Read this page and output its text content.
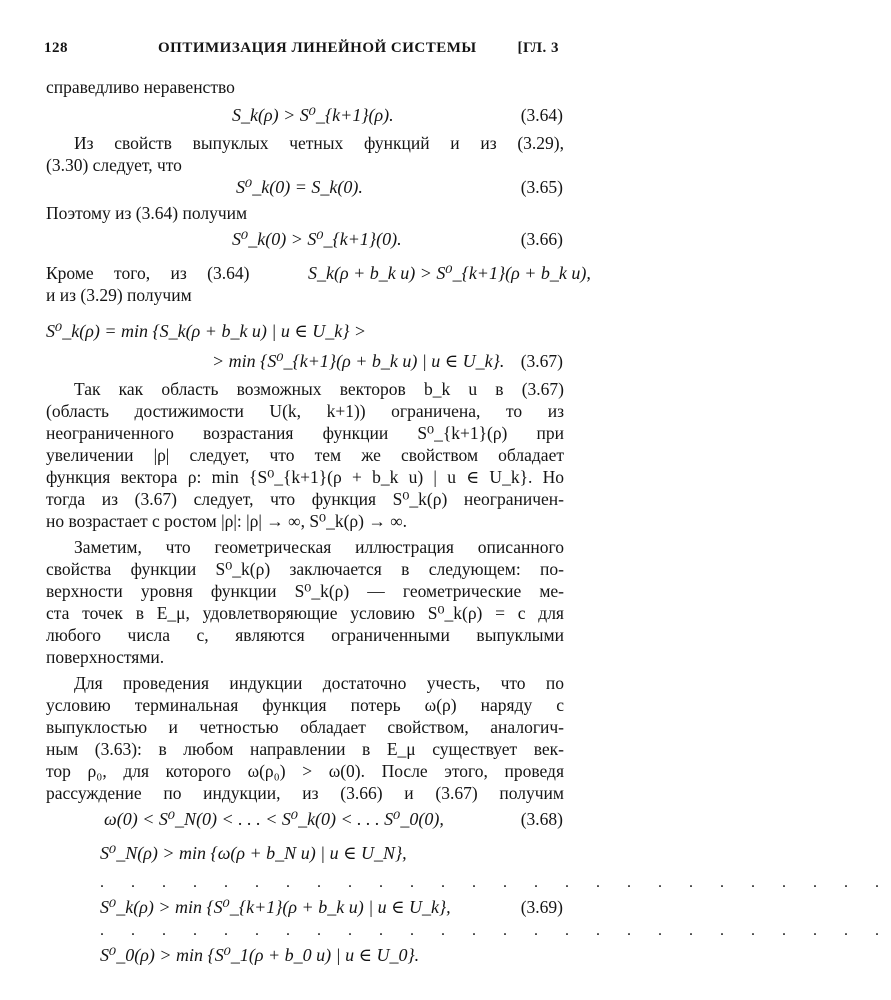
128	ОПТИМИЗАЦИЯ ЛИНЕЙНОЙ СИСТЕМЫ	[ГЛ. 3
справедливо неравенство
S_k(ρ) > S⁰_{k+1}(ρ).	(3.64)
Из свойств выпуклых четных функций и из (3.29),
(3.30) следует, что
S⁰_k(0) = S_k(0).	(3.65)
Поэтому из (3.64) получим
S⁰_k(0) > S⁰_{k+1}(0).	(3.66)
Кроме того, из (3.64)	S_k(ρ + b_k u) > S⁰_{k+1}(ρ + b_k u),
и из (3.29) получим
S⁰_k(ρ) = min {S_k(ρ + b_k u) | u ∈ U_k} >
> min {S⁰_{k+1}(ρ + b_k u) | u ∈ U_k}. (3.67)
Так как область возможных векторов b_k u в (3.67)
(область достижимости U(k, k+1)) ограничена, то из
неограниченного возрастания функции S⁰_{k+1}(ρ) при
увеличении |ρ| следует, что тем же свойством обладает
функция вектора ρ: min {S⁰_{k+1}(ρ + b_k u) | u ∈ U_k}. Но
тогда из (3.67) следует, что функция S⁰_k(ρ) неограничен-
но возрастает с ростом |ρ|: |ρ| → ∞, S⁰_k(ρ) → ∞.
Заметим, что геометрическая иллюстрация описанного
свойства функции S⁰_k(ρ) заключается в следующем: по-
верхности уровня функции S⁰_k(ρ) — геометрические ме-
ста точек в E_μ, удовлетворяющие условию S⁰_k(ρ) = c для
любого числа c, являются ограниченными выпуклыми
поверхностями.
Для проведения индукции достаточно учесть, что по
условию терминальная функция потерь ω(ρ) наряду с
выпуклостью и четностью обладает свойством, аналогич-
ным (3.63): в любом направлении в E_μ существует век-
тор ρ₀, для которого ω(ρ₀) > ω(0). После этого, проведя
рассуждение по индукции, из (3.66) и (3.67) получим
ω(0) < S⁰_N(0) < . . . < S⁰_k(0) < . . . S⁰_0(0),	(3.68)
S⁰_N(ρ) > min {ω(ρ + b_N u) | u ∈ U_N},
. . . . . . . . . . . . . . . . . . . . . . . . . .
S⁰_k(ρ) > min {S⁰_{k+1}(ρ + b_k u) | u ∈ U_k},	(3.69)
. . . . . . . . . . . . . . . . . . . . . . . . . .
S⁰_0(ρ) > min {S⁰_1(ρ + b_0 u) | u ∈ U_0}.
